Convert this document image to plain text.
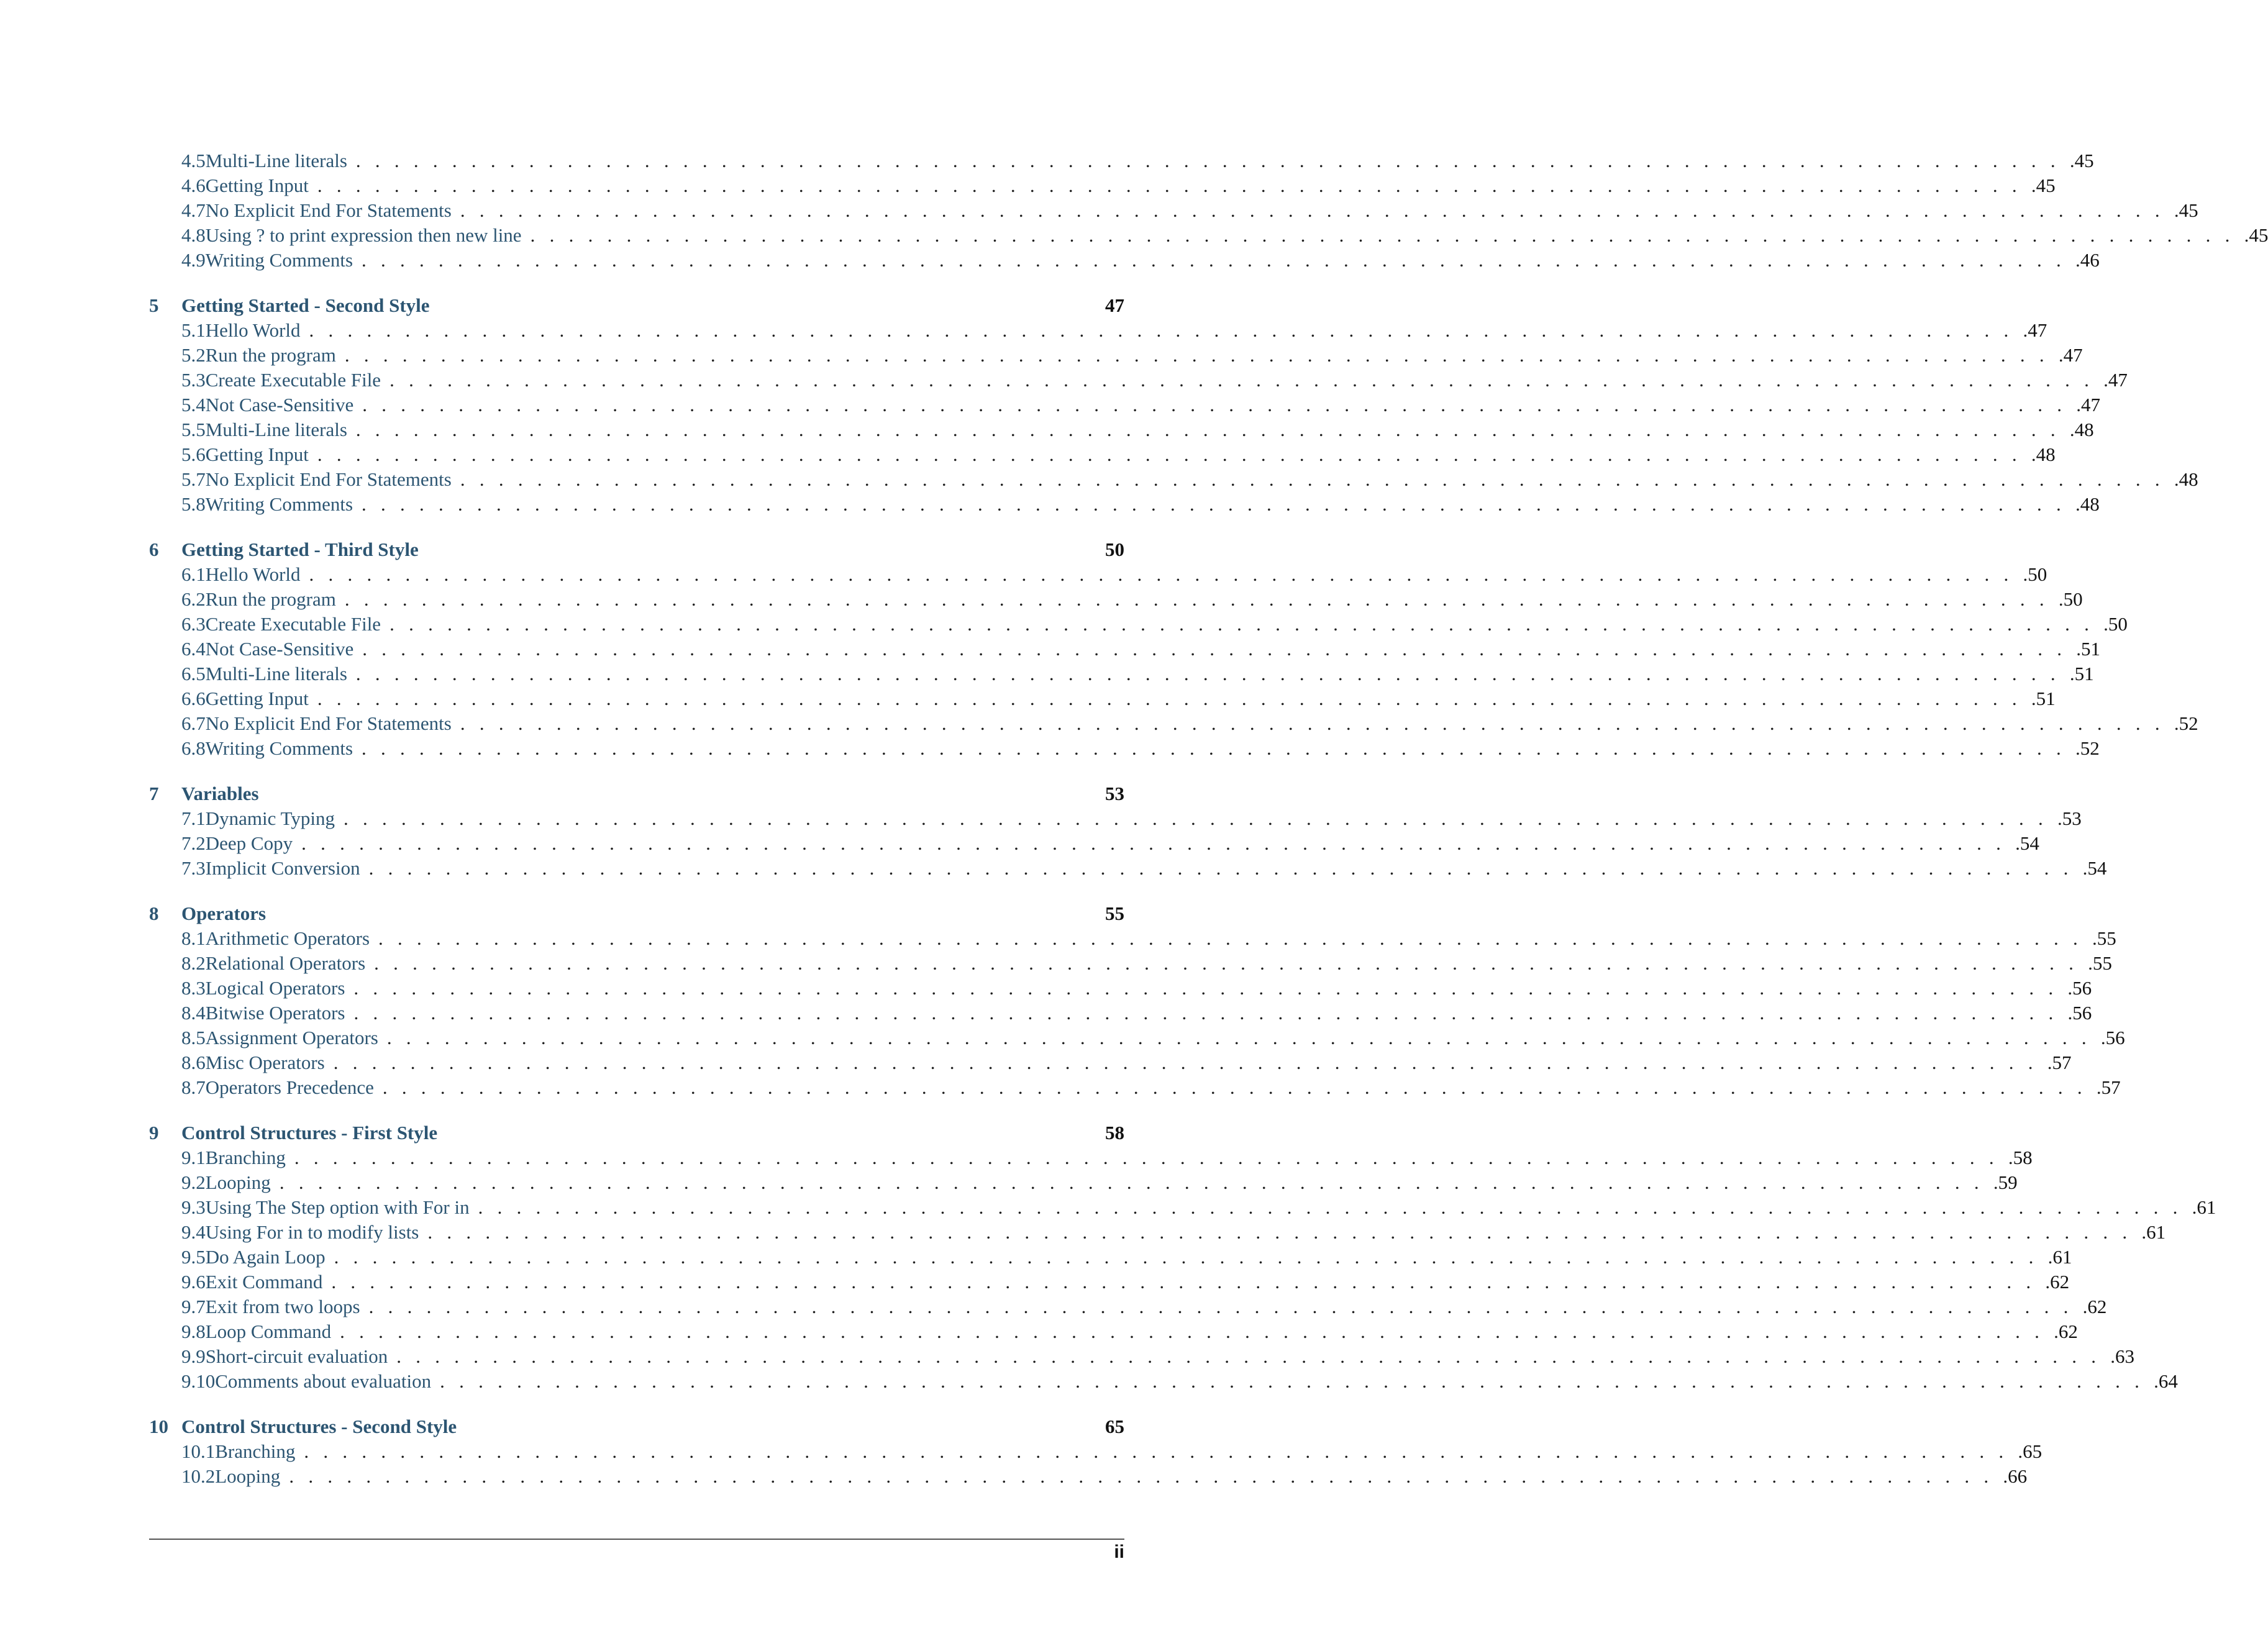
4.5 Multi-Line literals .   .   .   .   .   .   .   .   .   .   .   .   .   .   .   .   .   .   .   .   .   .   .   .   .   .   .   .   .   .   .   .   .   .   .   .   .   .   .   .   .   .   .   .   .   .   .   .   .   .   .   .   .   .   .   .   .   .   .   .   .   .   .   .   .   .   .   .   .   .   .   .   .   .   .   .   .   .   .   .   .   .   .   .   .   .   .   .   .   . 45
4.6 Getting Input .   .   .   .   .   .   .   .   .   .   .   .   .   .   .   .   .   .   .   .   .   .   .   .   .   .   .   .   .   .   .   .   .   .   .   .   .   .   .   .   .   .   .   .   .   .   .   .   .   .   .   .   .   .   .   .   .   .   .   .   .   .   .   .   .   .   .   .   .   .   .   .   .   .   .   .   .   .   .   .   .   .   .   .   .   .   .   .   .   . 45
4.7 No Explicit End For Statements .   .   .   .   .   .   .   .   .   .   .   .   .   .   .   .   .   .   .   .   .   .   .   .   .   .   .   .   .   .   .   .   .   .   .   .   .   .   .   .   .   .   .   .   .   .   .   .   .   .   .   .   .   .   .   .   .   .   .   .   .   .   .   .   .   .   .   .   .   .   .   .   .   .   .   .   .   .   .   .   .   .   .   .   .   .   .   .   .   . 45
4.8 Using ? to print expression then new line .   .   .   .   .   .   .   .   .   .   .   .   .   .   .   .   .   .   .   .   .   .   .   .   .   .   .   .   .   .   .   .   .   .   .   .   .   .   .   .   .   .   .   .   .   .   .   .   .   .   .   .   .   .   .   .   .   .   .   .   .   .   .   .   .   .   .   .   .   .   .   .   .   .   .   .   .   .   .   .   .   .   .   .   .   .   .   .   .   . 45
4.9 Writing Comments .   .   .   .   .   .   .   .   .   .   .   .   .   .   .   .   .   .   .   .   .   .   .   .   .   .   .   .   .   .   .   .   .   .   .   .   .   .   .   .   .   .   .   .   .   .   .   .   .   .   .   .   .   .   .   .   .   .   .   .   .   .   .   .   .   .   .   .   .   .   .   .   .   .   .   .   .   .   .   .   .   .   .   .   .   .   .   .   .   . 46
5	Getting Started - Second Style	47
5.1 Hello World .   .   .   .   .   .   .   .   .   .   .   .   .   .   .   .   .   .   .   .   .   .   .   .   .   .   .   .   .   .   .   .   .   .   .   .   .   .   .   .   .   .   .   .   .   .   .   .   .   .   .   .   .   .   .   .   .   .   .   .   .   .   .   .   .   .   .   .   .   .   .   .   .   .   .   .   .   .   .   .   .   .   .   .   .   .   .   .   .   . 47
5.2 Run the program .   .   .   .   .   .   .   .   .   .   .   .   .   .   .   .   .   .   .   .   .   .   .   .   .   .   .   .   .   .   .   .   .   .   .   .   .   .   .   .   .   .   .   .   .   .   .   .   .   .   .   .   .   .   .   .   .   .   .   .   .   .   .   .   .   .   .   .   .   .   .   .   .   .   .   .   .   .   .   .   .   .   .   .   .   .   .   .   .   . 47
5.3 Create Executable File .   .   .   .   .   .   .   .   .   .   .   .   .   .   .   .   .   .   .   .   .   .   .   .   .   .   .   .   .   .   .   .   .   .   .   .   .   .   .   .   .   .   .   .   .   .   .   .   .   .   .   .   .   .   .   .   .   .   .   .   .   .   .   .   .   .   .   .   .   .   .   .   .   .   .   .   .   .   .   .   .   .   .   .   .   .   .   .   .   . 47
5.4 Not Case-Sensitive .   .   .   .   .   .   .   .   .   .   .   .   .   .   .   .   .   .   .   .   .   .   .   .   .   .   .   .   .   .   .   .   .   .   .   .   .   .   .   .   .   .   .   .   .   .   .   .   .   .   .   .   .   .   .   .   .   .   .   .   .   .   .   .   .   .   .   .   .   .   .   .   .   .   .   .   .   .   .   .   .   .   .   .   .   .   .   .   .   . 47
5.5 Multi-Line literals .   .   .   .   .   .   .   .   .   .   .   .   .   .   .   .   .   .   .   .   .   .   .   .   .   .   .   .   .   .   .   .   .   .   .   .   .   .   .   .   .   .   .   .   .   .   .   .   .   .   .   .   .   .   .   .   .   .   .   .   .   .   .   .   .   .   .   .   .   .   .   .   .   .   .   .   .   .   .   .   .   .   .   .   .   .   .   .   .   . 48
5.6 Getting Input .   .   .   .   .   .   .   .   .   .   .   .   .   .   .   .   .   .   .   .   .   .   .   .   .   .   .   .   .   .   .   .   .   .   .   .   .   .   .   .   .   .   .   .   .   .   .   .   .   .   .   .   .   .   .   .   .   .   .   .   .   .   .   .   .   .   .   .   .   .   .   .   .   .   .   .   .   .   .   .   .   .   .   .   .   .   .   .   .   . 48
5.7 No Explicit End For Statements .   .   .   .   .   .   .   .   .   .   .   .   .   .   .   .   .   .   .   .   .   .   .   .   .   .   .   .   .   .   .   .   .   .   .   .   .   .   .   .   .   .   .   .   .   .   .   .   .   .   .   .   .   .   .   .   .   .   .   .   .   .   .   .   .   .   .   .   .   .   .   .   .   .   .   .   .   .   .   .   .   .   .   .   .   .   .   .   .   . 48
5.8 Writing Comments .   .   .   .   .   .   .   .   .   .   .   .   .   .   .   .   .   .   .   .   .   .   .   .   .   .   .   .   .   .   .   .   .   .   .   .   .   .   .   .   .   .   .   .   .   .   .   .   .   .   .   .   .   .   .   .   .   .   .   .   .   .   .   .   .   .   .   .   .   .   .   .   .   .   .   .   .   .   .   .   .   .   .   .   .   .   .   .   .   . 48
6	Getting Started - Third Style	50
6.1 Hello World .   .   .   .   .   .   .   .   .   .   .   .   .   .   .   .   .   .   .   .   .   .   .   .   .   .   .   .   .   .   .   .   .   .   .   .   .   .   .   .   .   .   .   .   .   .   .   .   .   .   .   .   .   .   .   .   .   .   .   .   .   .   .   .   .   .   .   .   .   .   .   .   .   .   .   .   .   .   .   .   .   .   .   .   .   .   .   .   .   . 50
6.2 Run the program .   .   .   .   .   .   .   .   .   .   .   .   .   .   .   .   .   .   .   .   .   .   .   .   .   .   .   .   .   .   .   .   .   .   .   .   .   .   .   .   .   .   .   .   .   .   .   .   .   .   .   .   .   .   .   .   .   .   .   .   .   .   .   .   .   .   .   .   .   .   .   .   .   .   .   .   .   .   .   .   .   .   .   .   .   .   .   .   .   . 50
6.3 Create Executable File .   .   .   .   .   .   .   .   .   .   .   .   .   .   .   .   .   .   .   .   .   .   .   .   .   .   .   .   .   .   .   .   .   .   .   .   .   .   .   .   .   .   .   .   .   .   .   .   .   .   .   .   .   .   .   .   .   .   .   .   .   .   .   .   .   .   .   .   .   .   .   .   .   .   .   .   .   .   .   .   .   .   .   .   .   .   .   .   .   . 50
6.4 Not Case-Sensitive .   .   .   .   .   .   .   .   .   .   .   .   .   .   .   .   .   .   .   .   .   .   .   .   .   .   .   .   .   .   .   .   .   .   .   .   .   .   .   .   .   .   .   .   .   .   .   .   .   .   .   .   .   .   .   .   .   .   .   .   .   .   .   .   .   .   .   .   .   .   .   .   .   .   .   .   .   .   .   .   .   .   .   .   .   .   .   .   .   . 51
6.5 Multi-Line literals .   .   .   .   .   .   .   .   .   .   .   .   .   .   .   .   .   .   .   .   .   .   .   .   .   .   .   .   .   .   .   .   .   .   .   .   .   .   .   .   .   .   .   .   .   .   .   .   .   .   .   .   .   .   .   .   .   .   .   .   .   .   .   .   .   .   .   .   .   .   .   .   .   .   .   .   .   .   .   .   .   .   .   .   .   .   .   .   .   . 51
6.6 Getting Input .   .   .   .   .   .   .   .   .   .   .   .   .   .   .   .   .   .   .   .   .   .   .   .   .   .   .   .   .   .   .   .   .   .   .   .   .   .   .   .   .   .   .   .   .   .   .   .   .   .   .   .   .   .   .   .   .   .   .   .   .   .   .   .   .   .   .   .   .   .   .   .   .   .   .   .   .   .   .   .   .   .   .   .   .   .   .   .   .   . 51
6.7 No Explicit End For Statements .   .   .   .   .   .   .   .   .   .   .   .   .   .   .   .   .   .   .   .   .   .   .   .   .   .   .   .   .   .   .   .   .   .   .   .   .   .   .   .   .   .   .   .   .   .   .   .   .   .   .   .   .   .   .   .   .   .   .   .   .   .   .   .   .   .   .   .   .   .   .   .   .   .   .   .   .   .   .   .   .   .   .   .   .   .   .   .   .   . 52
6.8 Writing Comments .   .   .   .   .   .   .   .   .   .   .   .   .   .   .   .   .   .   .   .   .   .   .   .   .   .   .   .   .   .   .   .   .   .   .   .   .   .   .   .   .   .   .   .   .   .   .   .   .   .   .   .   .   .   .   .   .   .   .   .   .   .   .   .   .   .   .   .   .   .   .   .   .   .   .   .   .   .   .   .   .   .   .   .   .   .   .   .   .   . 52
7	Variables	53
7.1 Dynamic Typing .   .   .   .   .   .   .   .   .   .   .   .   .   .   .   .   .   .   .   .   .   .   .   .   .   .   .   .   .   .   .   .   .   .   .   .   .   .   .   .   .   .   .   .   .   .   .   .   .   .   .   .   .   .   .   .   .   .   .   .   .   .   .   .   .   .   .   .   .   .   .   .   .   .   .   .   .   .   .   .   .   .   .   .   .   .   .   .   .   . 53
7.2 Deep Copy .   .   .   .   .   .   .   .   .   .   .   .   .   .   .   .   .   .   .   .   .   .   .   .   .   .   .   .   .   .   .   .   .   .   .   .   .   .   .   .   .   .   .   .   .   .   .   .   .   .   .   .   .   .   .   .   .   .   .   .   .   .   .   .   .   .   .   .   .   .   .   .   .   .   .   .   .   .   .   .   .   .   .   .   .   .   .   .   .   . 54
7.3 Implicit Conversion .   .   .   .   .   .   .   .   .   .   .   .   .   .   .   .   .   .   .   .   .   .   .   .   .   .   .   .   .   .   .   .   .   .   .   .   .   .   .   .   .   .   .   .   .   .   .   .   .   .   .   .   .   .   .   .   .   .   .   .   .   .   .   .   .   .   .   .   .   .   .   .   .   .   .   .   .   .   .   .   .   .   .   .   .   .   .   .   .   . 54
8	Operators	55
8.1 Arithmetic Operators .   .   .   .   .   .   .   .   .   .   .   .   .   .   .   .   .   .   .   .   .   .   .   .   .   .   .   .   .   .   .   .   .   .   .   .   .   .   .   .   .   .   .   .   .   .   .   .   .   .   .   .   .   .   .   .   .   .   .   .   .   .   .   .   .   .   .   .   .   .   .   .   .   .   .   .   .   .   .   .   .   .   .   .   .   .   .   .   .   . 55
8.2 Relational Operators .   .   .   .   .   .   .   .   .   .   .   .   .   .   .   .   .   .   .   .   .   .   .   .   .   .   .   .   .   .   .   .   .   .   .   .   .   .   .   .   .   .   .   .   .   .   .   .   .   .   .   .   .   .   .   .   .   .   .   .   .   .   .   .   .   .   .   .   .   .   .   .   .   .   .   .   .   .   .   .   .   .   .   .   .   .   .   .   .   . 55
8.3 Logical Operators .   .   .   .   .   .   .   .   .   .   .   .   .   .   .   .   .   .   .   .   .   .   .   .   .   .   .   .   .   .   .   .   .   .   .   .   .   .   .   .   .   .   .   .   .   .   .   .   .   .   .   .   .   .   .   .   .   .   .   .   .   .   .   .   .   .   .   .   .   .   .   .   .   .   .   .   .   .   .   .   .   .   .   .   .   .   .   .   .   . 56
8.4 Bitwise Operators .   .   .   .   .   .   .   .   .   .   .   .   .   .   .   .   .   .   .   .   .   .   .   .   .   .   .   .   .   .   .   .   .   .   .   .   .   .   .   .   .   .   .   .   .   .   .   .   .   .   .   .   .   .   .   .   .   .   .   .   .   .   .   .   .   .   .   .   .   .   .   .   .   .   .   .   .   .   .   .   .   .   .   .   .   .   .   .   .   . 56
8.5 Assignment Operators .   .   .   .   .   .   .   .   .   .   .   .   .   .   .   .   .   .   .   .   .   .   .   .   .   .   .   .   .   .   .   .   .   .   .   .   .   .   .   .   .   .   .   .   .   .   .   .   .   .   .   .   .   .   .   .   .   .   .   .   .   .   .   .   .   .   .   .   .   .   .   .   .   .   .   .   .   .   .   .   .   .   .   .   .   .   .   .   .   . 56
8.6 Misc Operators .   .   .   .   .   .   .   .   .   .   .   .   .   .   .   .   .   .   .   .   .   .   .   .   .   .   .   .   .   .   .   .   .   .   .   .   .   .   .   .   .   .   .   .   .   .   .   .   .   .   .   .   .   .   .   .   .   .   .   .   .   .   .   .   .   .   .   .   .   .   .   .   .   .   .   .   .   .   .   .   .   .   .   .   .   .   .   .   .   . 57
8.7 Operators Precedence .   .   .   .   .   .   .   .   .   .   .   .   .   .   .   .   .   .   .   .   .   .   .   .   .   .   .   .   .   .   .   .   .   .   .   .   .   .   .   .   .   .   .   .   .   .   .   .   .   .   .   .   .   .   .   .   .   .   .   .   .   .   .   .   .   .   .   .   .   .   .   .   .   .   .   .   .   .   .   .   .   .   .   .   .   .   .   .   .   . 57
9	Control Structures - First Style	58
9.1 Branching .   .   .   .   .   .   .   .   .   .   .   .   .   .   .   .   .   .   .   .   .   .   .   .   .   .   .   .   .   .   .   .   .   .   .   .   .   .   .   .   .   .   .   .   .   .   .   .   .   .   .   .   .   .   .   .   .   .   .   .   .   .   .   .   .   .   .   .   .   .   .   .   .   .   .   .   .   .   .   .   .   .   .   .   .   .   .   .   .   . 58
9.2 Looping .   .   .   .   .   .   .   .   .   .   .   .   .   .   .   .   .   .   .   .   .   .   .   .   .   .   .   .   .   .   .   .   .   .   .   .   .   .   .   .   .   .   .   .   .   .   .   .   .   .   .   .   .   .   .   .   .   .   .   .   .   .   .   .   .   .   .   .   .   .   .   .   .   .   .   .   .   .   .   .   .   .   .   .   .   .   .   .   .   . 59
9.3 Using The Step option with For in .   .   .   .   .   .   .   .   .   .   .   .   .   .   .   .   .   .   .   .   .   .   .   .   .   .   .   .   .   .   .   .   .   .   .   .   .   .   .   .   .   .   .   .   .   .   .   .   .   .   .   .   .   .   .   .   .   .   .   .   .   .   .   .   .   .   .   .   .   .   .   .   .   .   .   .   .   .   .   .   .   .   .   .   .   .   .   .   .   . 61
9.4 Using For in to modify lists .   .   .   .   .   .   .   .   .   .   .   .   .   .   .   .   .   .   .   .   .   .   .   .   .   .   .   .   .   .   .   .   .   .   .   .   .   .   .   .   .   .   .   .   .   .   .   .   .   .   .   .   .   .   .   .   .   .   .   .   .   .   .   .   .   .   .   .   .   .   .   .   .   .   .   .   .   .   .   .   .   .   .   .   .   .   .   .   .   . 61
9.5 Do Again Loop .   .   .   .   .   .   .   .   .   .   .   .   .   .   .   .   .   .   .   .   .   .   .   .   .   .   .   .   .   .   .   .   .   .   .   .   .   .   .   .   .   .   .   .   .   .   .   .   .   .   .   .   .   .   .   .   .   .   .   .   .   .   .   .   .   .   .   .   .   .   .   .   .   .   .   .   .   .   .   .   .   .   .   .   .   .   .   .   .   . 61
9.6 Exit Command .   .   .   .   .   .   .   .   .   .   .   .   .   .   .   .   .   .   .   .   .   .   .   .   .   .   .   .   .   .   .   .   .   .   .   .   .   .   .   .   .   .   .   .   .   .   .   .   .   .   .   .   .   .   .   .   .   .   .   .   .   .   .   .   .   .   .   .   .   .   .   .   .   .   .   .   .   .   .   .   .   .   .   .   .   .   .   .   .   . 62
9.7 Exit from two loops .   .   .   .   .   .   .   .   .   .   .   .   .   .   .   .   .   .   .   .   .   .   .   .   .   .   .   .   .   .   .   .   .   .   .   .   .   .   .   .   .   .   .   .   .   .   .   .   .   .   .   .   .   .   .   .   .   .   .   .   .   .   .   .   .   .   .   .   .   .   .   .   .   .   .   .   .   .   .   .   .   .   .   .   .   .   .   .   .   . 62
9.8 Loop Command .   .   .   .   .   .   .   .   .   .   .   .   .   .   .   .   .   .   .   .   .   .   .   .   .   .   .   .   .   .   .   .   .   .   .   .   .   .   .   .   .   .   .   .   .   .   .   .   .   .   .   .   .   .   .   .   .   .   .   .   .   .   .   .   .   .   .   .   .   .   .   .   .   .   .   .   .   .   .   .   .   .   .   .   .   .   .   .   .   . 62
9.9 Short-circuit evaluation .   .   .   .   .   .   .   .   .   .   .   .   .   .   .   .   .   .   .   .   .   .   .   .   .   .   .   .   .   .   .   .   .   .   .   .   .   .   .   .   .   .   .   .   .   .   .   .   .   .   .   .   .   .   .   .   .   .   .   .   .   .   .   .   .   .   .   .   .   .   .   .   .   .   .   .   .   .   .   .   .   .   .   .   .   .   .   .   .   . 63
9.10 Comments about evaluation .   .   .   .   .   .   .   .   .   .   .   .   .   .   .   .   .   .   .   .   .   .   .   .   .   .   .   .   .   .   .   .   .   .   .   .   .   .   .   .   .   .   .   .   .   .   .   .   .   .   .   .   .   .   .   .   .   .   .   .   .   .   .   .   .   .   .   .   .   .   .   .   .   .   .   .   .   .   .   .   .   .   .   .   .   .   .   .   .   . 64
10 Control Structures - Second Style	65
10.1 Branching .   .   .   .   .   .   .   .   .   .   .   .   .   .   .   .   .   .   .   .   .   .   .   .   .   .   .   .   .   .   .   .   .   .   .   .   .   .   .   .   .   .   .   .   .   .   .   .   .   .   .   .   .   .   .   .   .   .   .   .   .   .   .   .   .   .   .   .   .   .   .   .   .   .   .   .   .   .   .   .   .   .   .   .   .   .   .   .   .   . 65
10.2 Looping .   .   .   .   .   .   .   .   .   .   .   .   .   .   .   .   .   .   .   .   .   .   .   .   .   .   .   .   .   .   .   .   .   .   .   .   .   .   .   .   .   .   .   .   .   .   .   .   .   .   .   .   .   .   .   .   .   .   .   .   .   .   .   .   .   .   .   .   .   .   .   .   .   .   .   .   .   .   .   .   .   .   .   .   .   .   .   .   .   . 66
ii
